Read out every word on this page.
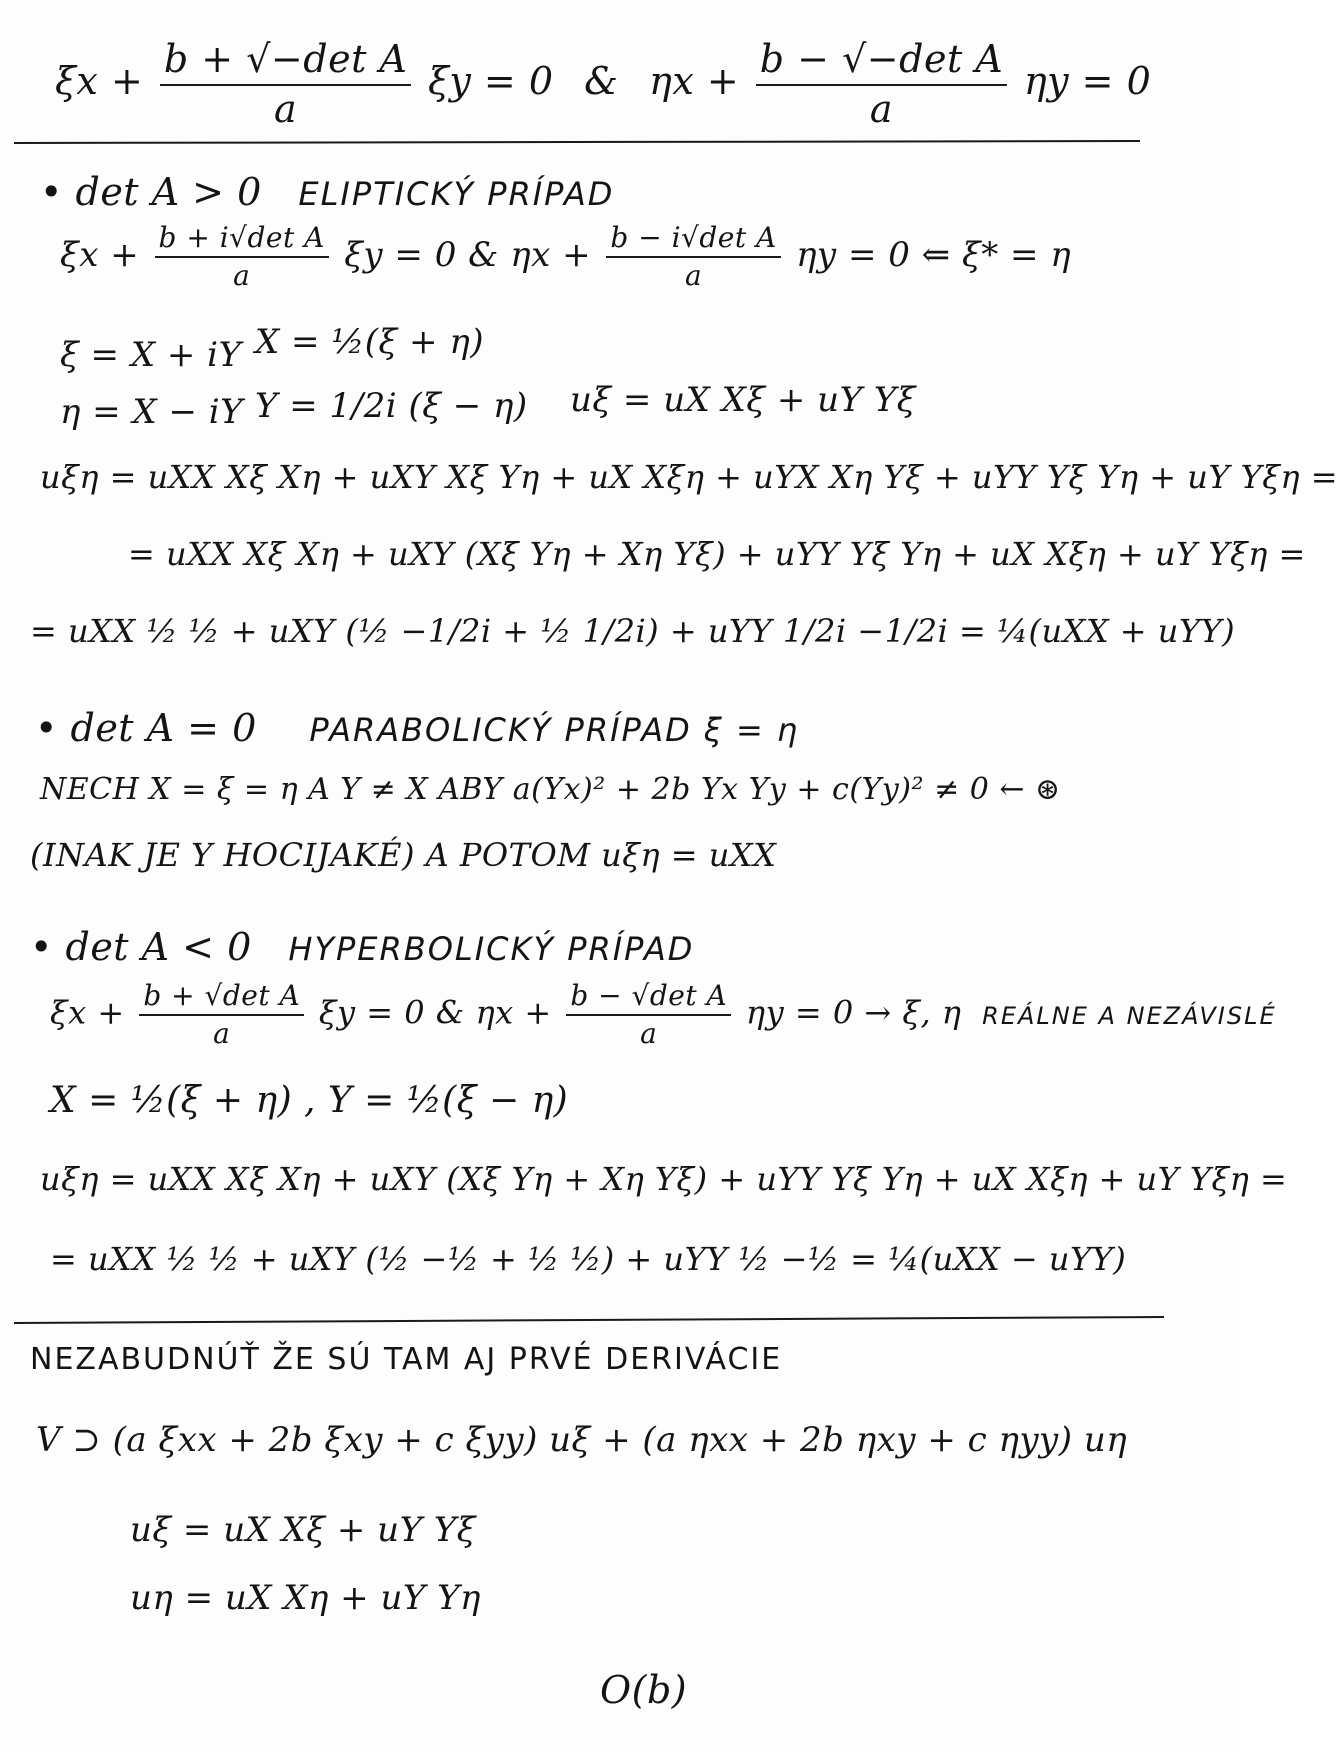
$\xi x + \frac{\text{b + √−det A}}{a}$ ξy = 0 & $\eta x + \frac{\text{b − √−det A}}{a}$ ηy = 0
• det A > 0 ELIPTICKÝ PRÍPAD
$\xi x + \frac{\text{b + i√det A}}{a}$ ξy = 0 & $\eta x + \frac{\text{b − i√det A}}{a}$ ηy = 0 ⇐ ξ* = η
ξ = X + iY X = ½(ξ + η)
η = X − iY Y = 1/2i (ξ − η) uξ = uX Xξ + uY Yξ
uξη = uXX Xξ Xη + uXY Xξ Yη + uX Xξη + uYX Xη Yξ + uYY Yξ Yη + uY Yξη =
= uXX Xξ Xη + uXY (Xξ Yη + Xη Yξ) + uYY Yξ Yη + uX Xξη + uY Yξη =
= uXX ½ ½ + uXY (½ −1/2i + ½ 1/2i) + uYY 1/2i −1/2i = ¼(uXX + uYY)
• det A = 0 PARABOLICKÝ PRÍPAD ξ = η
NECH X = ξ = η A Y ≠ X ABY a(Yx)² + 2b Yx Yy + c(Yy)² ≠ 0 ← ⊛
(INAK JE Y HOCIJAKÉ) A POTOM uξη = uXX
• det A < 0 HYPERBOLICKÝ PRÍPAD
$\xi x + \frac{\text{b + √det A}}{a}$ ξy = 0 & $\eta x + \frac{\text{b − √det A}}{a}$ ηy = 0 → ξ, η REÁLNE A NEZÁVISLÉ
X = ½(ξ + η) , Y = ½(ξ − η)
uξη = uXX Xξ Xη + uXY (Xξ Yη + Xη Yξ) + uYY Yξ Yη + uX Xξη + uY Yξη =
= uXX ½ ½ + uXY (½ −½ + ½ ½) + uYY ½ −½ = ¼(uXX − uYY)
NEZABUDNÚŤ ŽE SÚ TAM AJ PRVÉ DERIVÁCIE
V ⊃ (a ξxx + 2b ξxy + c ξyy) uξ + (a ηxx + 2b ηxy + c ηyy) uη
uξ = uX Xξ + uY Yξ
uη = uX Xη + uY Yη
O(b)
